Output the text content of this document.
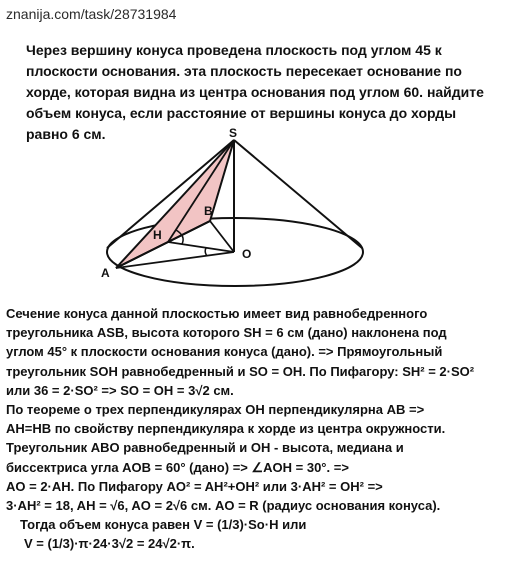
znanija.com/task/28731984
Через вершину конуса проведена плоскость под углом 45 к
плоскости основания. эта плоскость пересекает основание по
хорде, которая видна из центра основания под углом 60. найдите
объем конуса, если расстояние от вершины конуса до хорды
равно 6 см.	S
B
H
O
A
Сечение конуса данной плоскостью имеет вид равнобедренного
треугольника ASB, высота которого SH = 6 см (дано) наклонена под
углом 45° к плоскости основания конуса (дано). => Прямоугольный
треугольник SOH равнобедренный и SO = OH. По Пифагору: SH² = 2·SO²
или 36 = 2·SO² => SO = OH = 3√2 см.
По теореме о трех перпендикулярах OH перпендикулярна AB =>
AH=HB по свойству перпендикуляра к хорде из центра окружности.
Треугольник ABO равнобедренный и OH - высота, медиана и
биссектриса угла AOB = 60° (дано) => ∠AOH = 30°. =>
AO = 2·AH. По Пифагору AO² = AH²+OH² или 3·AH² = OH² =>
3·AH² = 18, AH = √6, AO = 2√6 см. AO = R (радиус основания конуса).
Тогда объем конуса равен V = (1/3)·So·H или
V = (1/3)·π·24·3√2 = 24√2·π.
